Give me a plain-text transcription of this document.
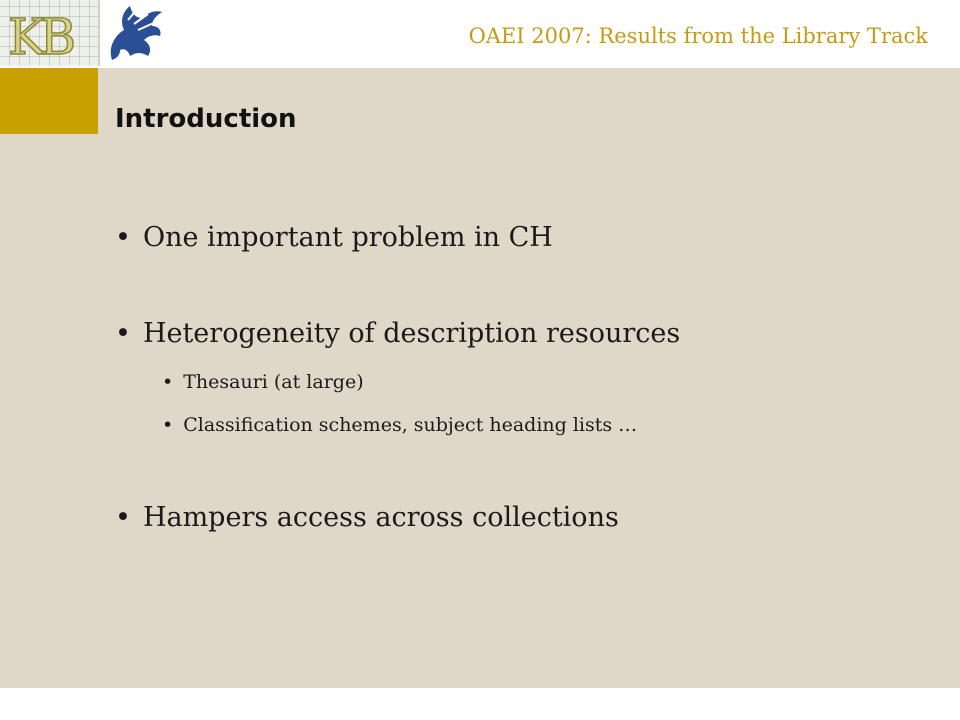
KB	OAEI 2007: Results from the Library Track
Introduction
• One important problem in CH
• Heterogeneity of description resources
• Thesauri (at large)
• Classification schemes, subject heading lists …
• Hampers access across collections
